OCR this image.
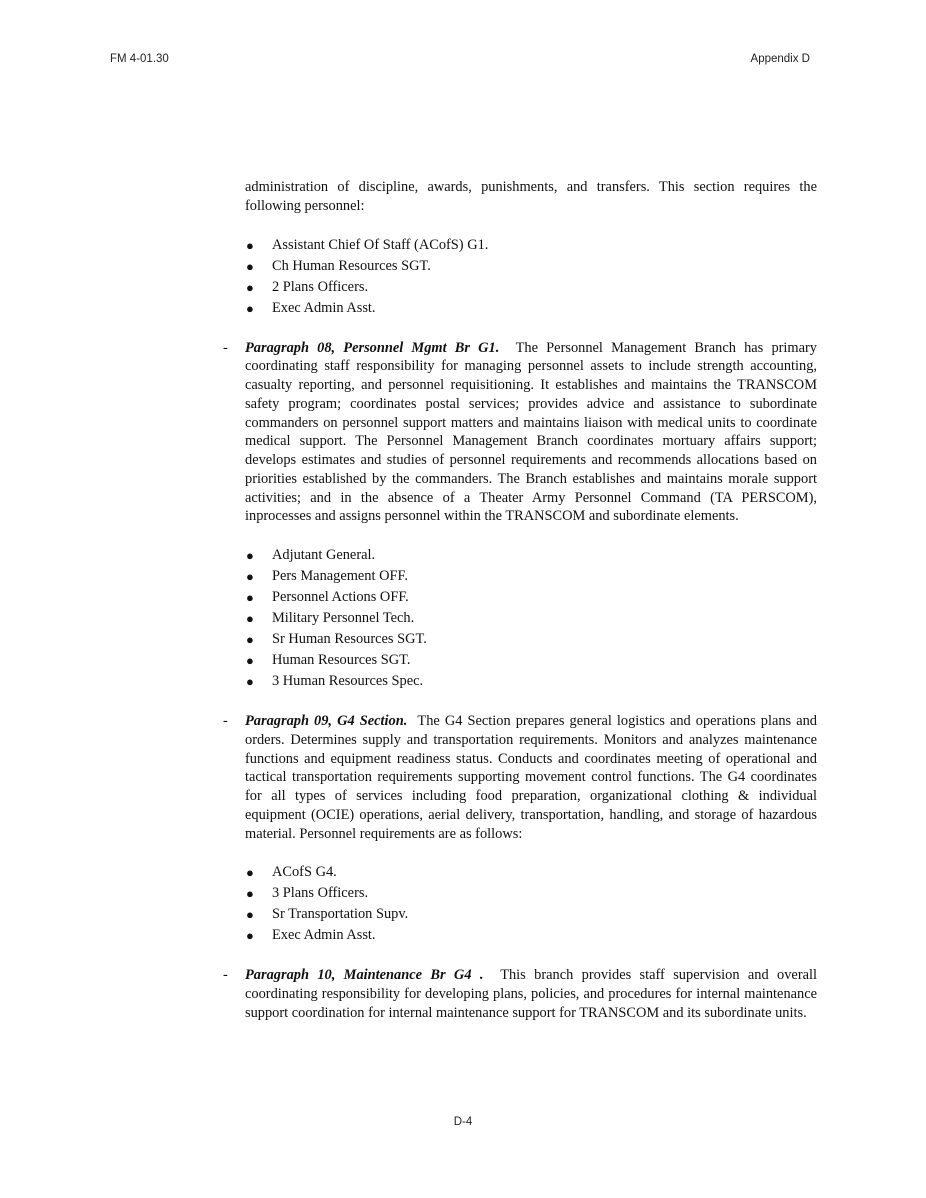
FM 4-01.30	Appendix D

administration of discipline, awards, punishments, and transfers. This section requires the following personnel:

● Assistant Chief Of Staff (ACofS) G1.
● Ch Human Resources SGT.
● 2 Plans Officers.
● Exec Admin Asst.
- Paragraph 08, Personnel Mgmt Br G1. The Personnel Management Branch has primary coordinating staff responsibility for managing personnel assets to include strength accounting, casualty reporting, and personnel requisitioning. It establishes and maintains the TRANSCOM safety program; coordinates postal services; provides advice and assistance to subordinate commanders on personnel support matters and maintains liaison with medical units to coordinate medical support. The Personnel Management Branch coordinates mortuary affairs support; develops estimates and studies of personnel requirements and recommends allocations based on priorities established by the commanders. The Branch establishes and maintains morale support activities; and in the absence of a Theater Army Personnel Command (TA PERSCOM), inprocesses and assigns personnel within the TRANSCOM and subordinate elements.

● Adjutant General.
● Pers Management OFF.
● Personnel Actions OFF.
● Military Personnel Tech.
● Sr Human Resources SGT.
● Human Resources SGT.
● 3 Human Resources Spec.
- Paragraph 09, G4 Section. The G4 Section prepares general logistics and operations plans and orders. Determines supply and transportation requirements. Monitors and analyzes maintenance functions and equipment readiness status. Conducts and coordinates meeting of operational and tactical transportation requirements supporting movement control functions. The G4 coordinates for all types of services including food preparation, organizational clothing & individual equipment (OCIE) operations, aerial delivery, transportation, handling, and storage of hazardous material. Personnel requirements are as follows:

● ACofS G4.
● 3 Plans Officers.
● Sr Transportation Supv.
● Exec Admin Asst.
- Paragraph 10, Maintenance Br G4 . This branch provides staff supervision and overall coordinating responsibility for developing plans, policies, and procedures for internal maintenance support coordination for internal maintenance support for TRANSCOM and its subordinate units.

D-4
